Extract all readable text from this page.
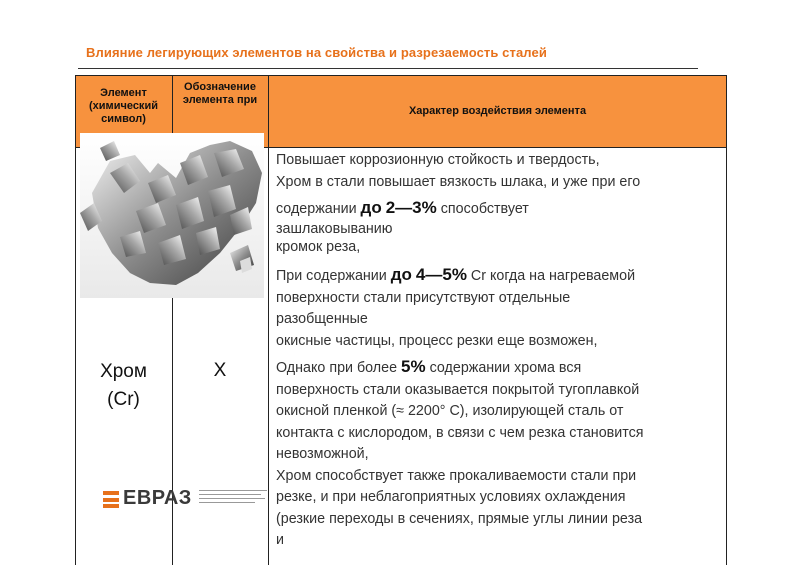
Влияние легирующих элементов на свойства и разрезаемость сталей
Элемент (химический символ)
Обозначение элемента при
Характер воздействия элемента
Хром
(Cr)
X
ЕВРАЗ

Повышает коррозионную стойкость и твердость,

Хром в стали повышает вязкость шлака, и уже при его

содержании до 2—3% способствует

зашлаковыванию

кромок реза,

При содержании до 4—5% Cr когда на нагреваемой

поверхности стали присутствуют отдельные

разобщенные

окисные частицы, процесс резки еще возможен,

Однако при более 5% содержании хрома вся

поверхность стали оказывается покрытой тугоплавкой

окисной пленкой (≈ 2200° С), изолирующей сталь от

контакта с кислородом, в связи с чем резка становится

невозможной,

Хром способствует также прокаливаемости стали при

резке, и при неблагоприятных условиях охлаждения

(резкие переходы в сечениях, прямые углы линии реза

и
